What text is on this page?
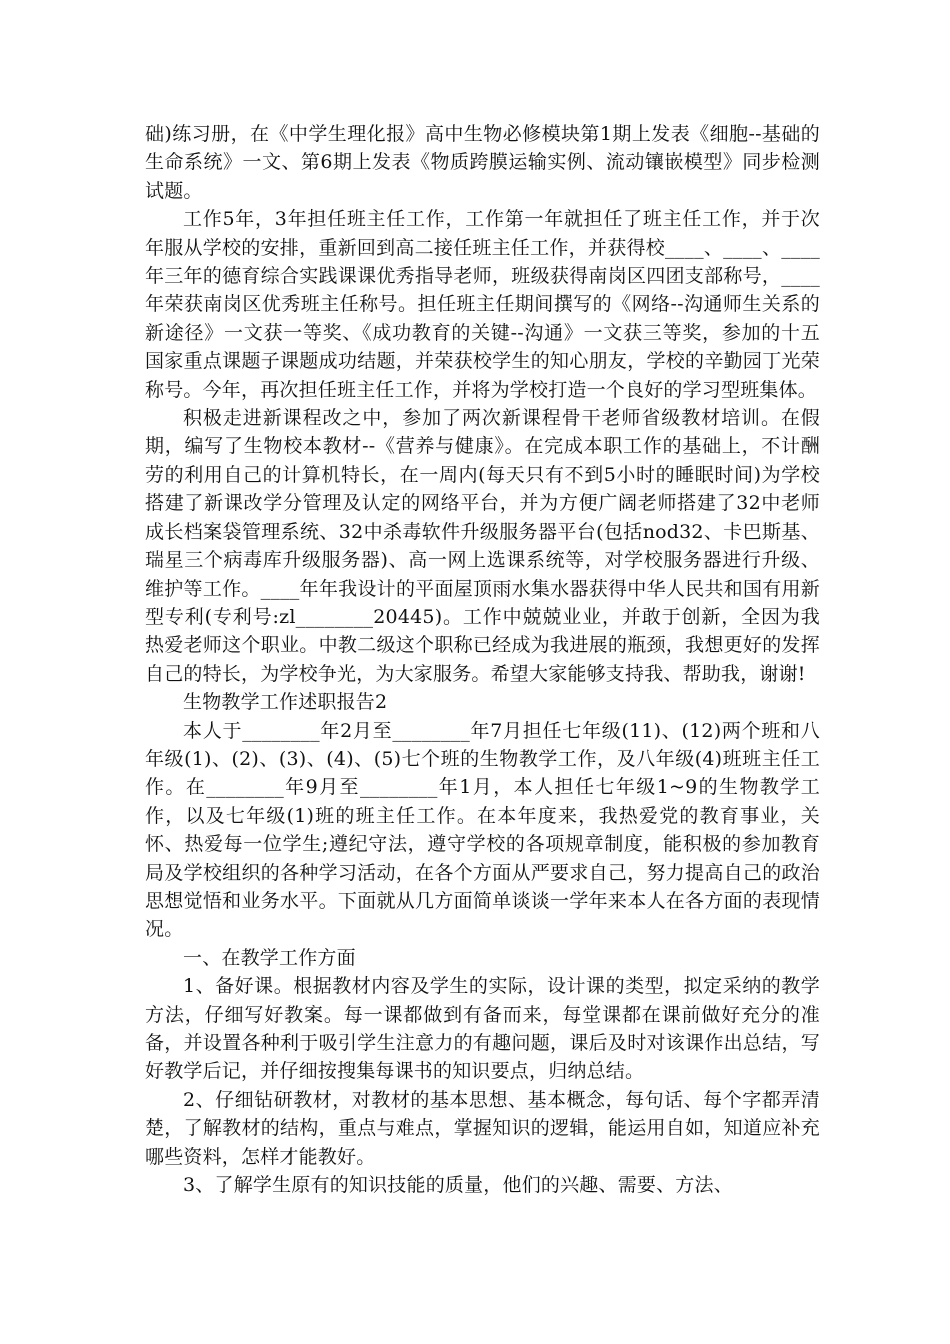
础)练习册，在《中学生理化报》高中生物必修模块第1期上发表《细胞--基础的生命系统》一文、第6期上发表《物质跨膜运输实例、流动镶嵌模型》同步检测试题。

工作5年，3年担任班主任工作，工作第一年就担任了班主任工作，并于次年服从学校的安排，重新回到高二接任班主任工作，并获得校____、____、____年三年的德育综合实践课课优秀指导老师，班级获得南岗区四团支部称号，____年荣获南岗区优秀班主任称号。担任班主任期间撰写的《网络--沟通师生关系的新途径》一文获一等奖、《成功教育的关键--沟通》一文获三等奖，参加的十五国家重点课题子课题成功结题，并荣获校学生的知心朋友，学校的辛勤园丁光荣称号。今年，再次担任班主任工作，并将为学校打造一个良好的学习型班集体。

积极走进新课程改之中，参加了两次新课程骨干老师省级教材培训。在假期，编写了生物校本教材--《营养与健康》。在完成本职工作的基础上，不计酬劳的利用自己的计算机特长，在一周内(每天只有不到5小时的睡眠时间)为学校搭建了新课改学分管理及认定的网络平台，并为方便广阔老师搭建了32中老师成长档案袋管理系统、32中杀毒软件升级服务器平台(包括nod32、卡巴斯基、瑞星三个病毒库升级服务器)、高一网上选课系统等，对学校服务器进行升级、维护等工作。____年年我设计的平面屋顶雨水集水器获得中华人民共和国有用新型专利(专利号:zl________20445)。工作中兢兢业业，并敢于创新，全因为我热爱老师这个职业。中教二级这个职称已经成为我进展的瓶颈，我想更好的发挥自己的特长，为学校争光，为大家服务。希望大家能够支持我、帮助我，谢谢!

生物教学工作述职报告2

本人于________年2月至________年7月担任七年级(11)、(12)两个班和八年级(1)、(2)、(3)、(4)、(5)七个班的生物教学工作，及八年级(4)班班主任工作。在________年9月至________年1月，本人担任七年级1~9的生物教学工作，以及七年级(1)班的班主任工作。在本年度来，我热爱党的教育事业，关怀、热爱每一位学生;遵纪守法，遵守学校的各项规章制度，能积极的参加教育局及学校组织的各种学习活动，在各个方面从严要求自己，努力提高自己的政治思想觉悟和业务水平。下面就从几方面简单谈谈一学年来本人在各方面的表现情况。

一、在教学工作方面

1、备好课。根据教材内容及学生的实际，设计课的类型，拟定采纳的教学方法，仔细写好教案。每一课都做到有备而来，每堂课都在课前做好充分的准备，并设置各种利于吸引学生注意力的有趣问题，课后及时对该课作出总结，写好教学后记，并仔细按搜集每课书的知识要点，归纳总结。

2、仔细钻研教材，对教材的基本思想、基本概念，每句话、每个字都弄清楚，了解教材的结构，重点与难点，掌握知识的逻辑，能运用自如，知道应补充哪些资料，怎样才能教好。

3、了解学生原有的知识技能的质量，他们的兴趣、需要、方法、
